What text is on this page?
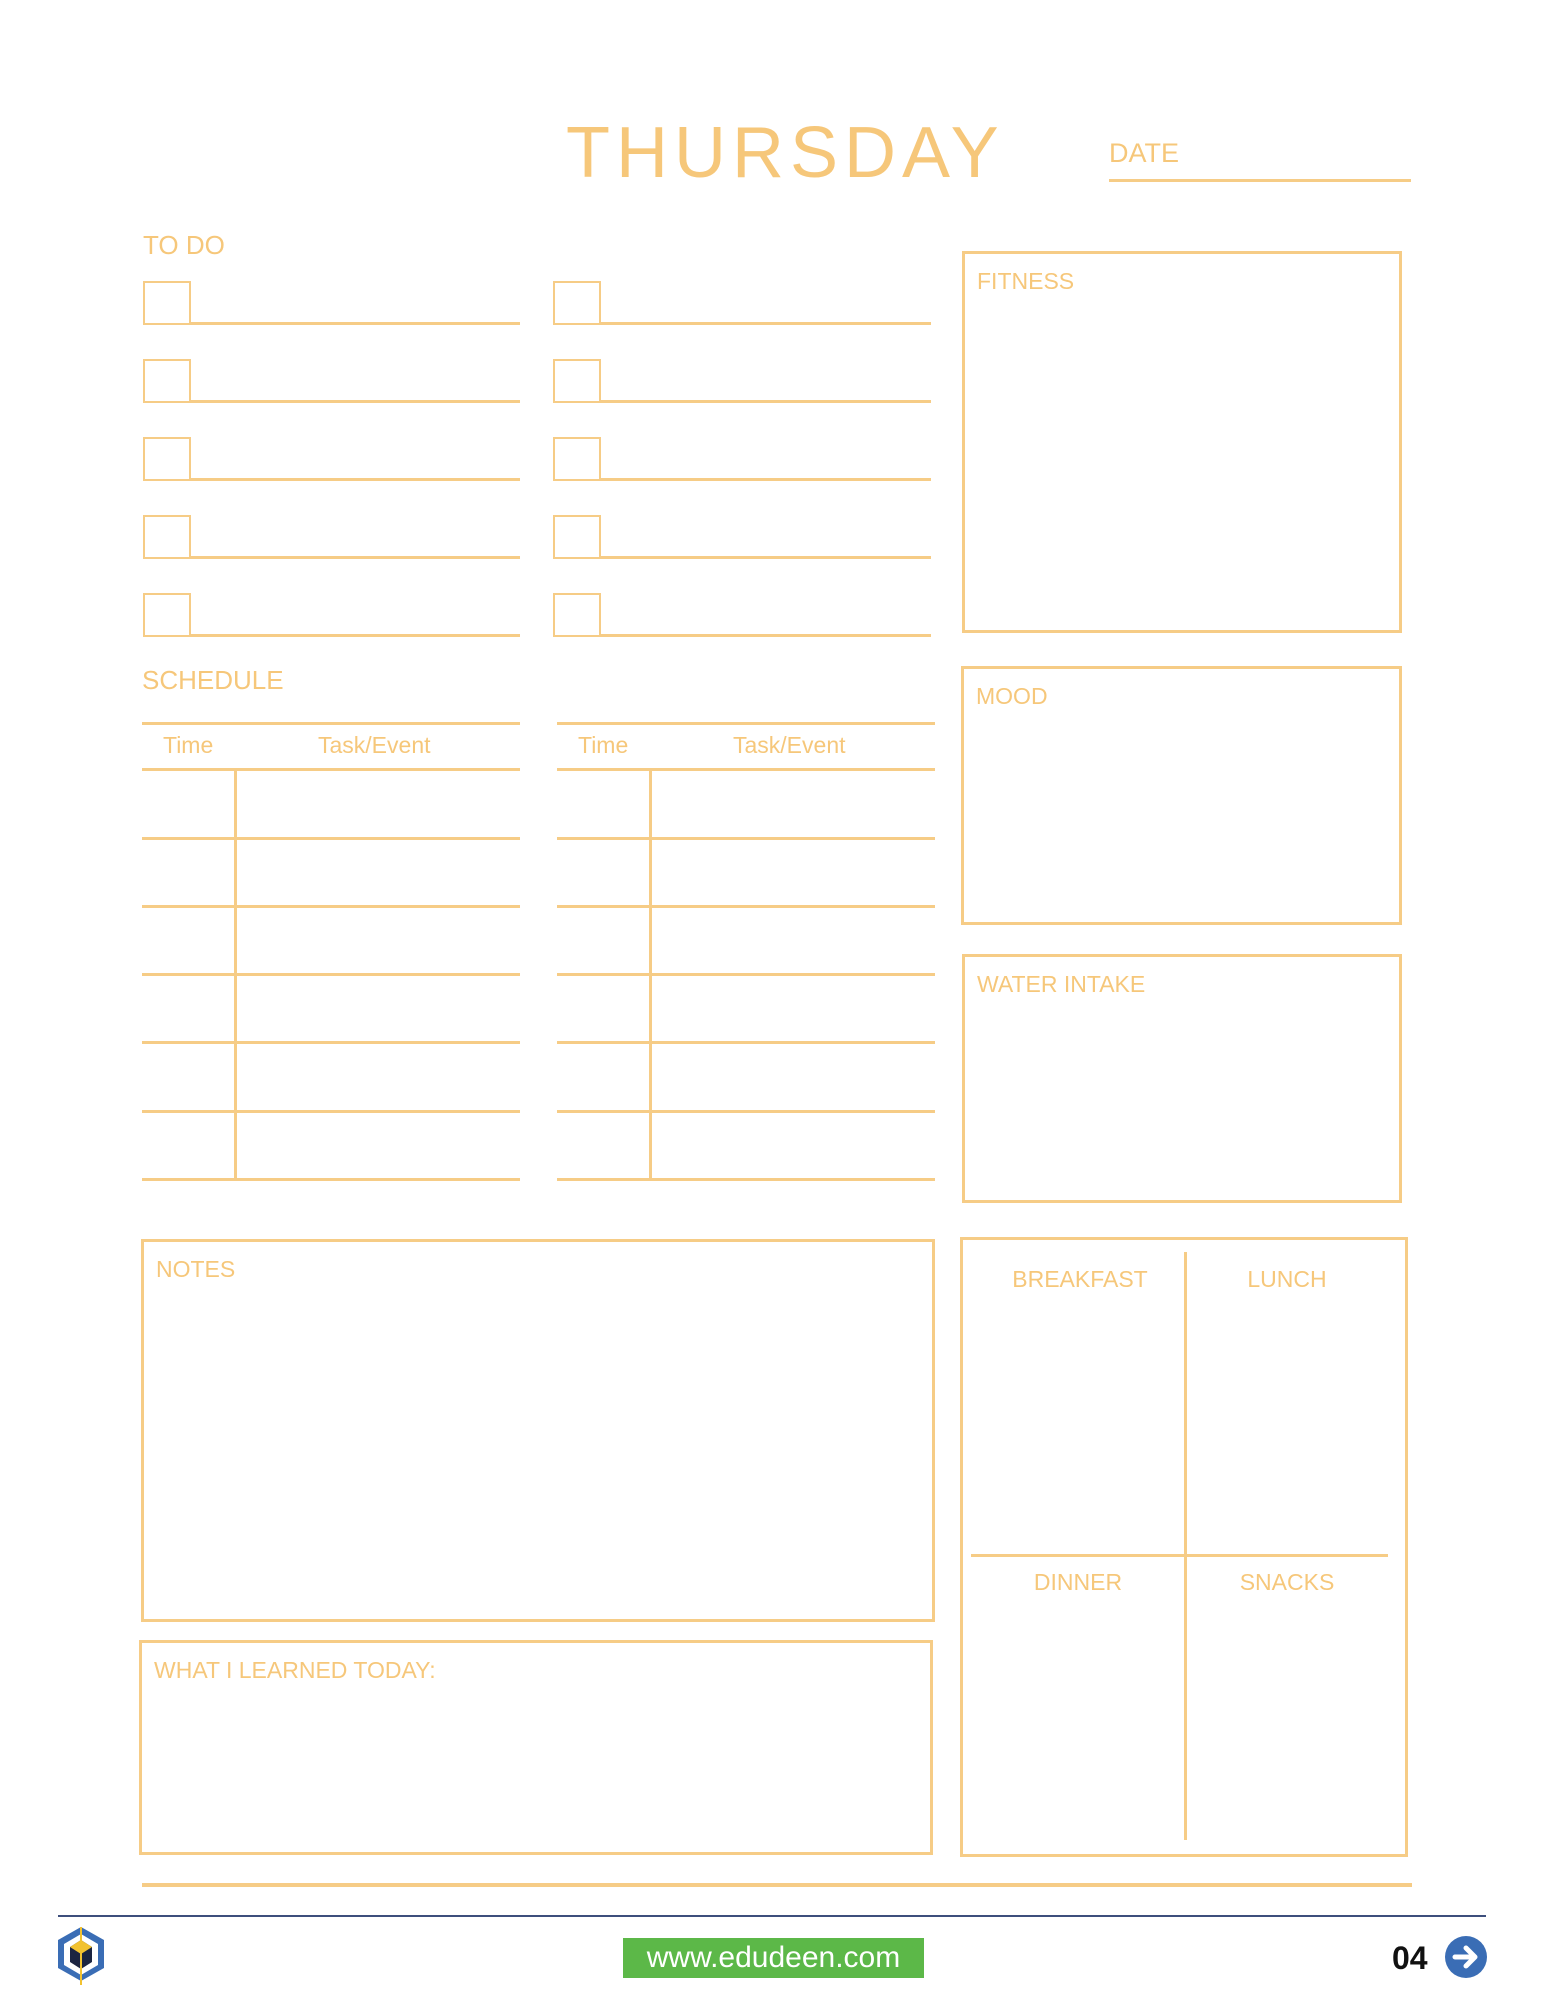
THURSDAY	DATE
TO DO
FITNESS
MOOD
WATER INTAKE
SCHEDULE
Time	Task/Event	Time	Task/Event
NOTES
WHAT I LEARNED TODAY:
BREAKFAST	LUNCH
DINNER	SNACKS
www.edudeen.com	04
